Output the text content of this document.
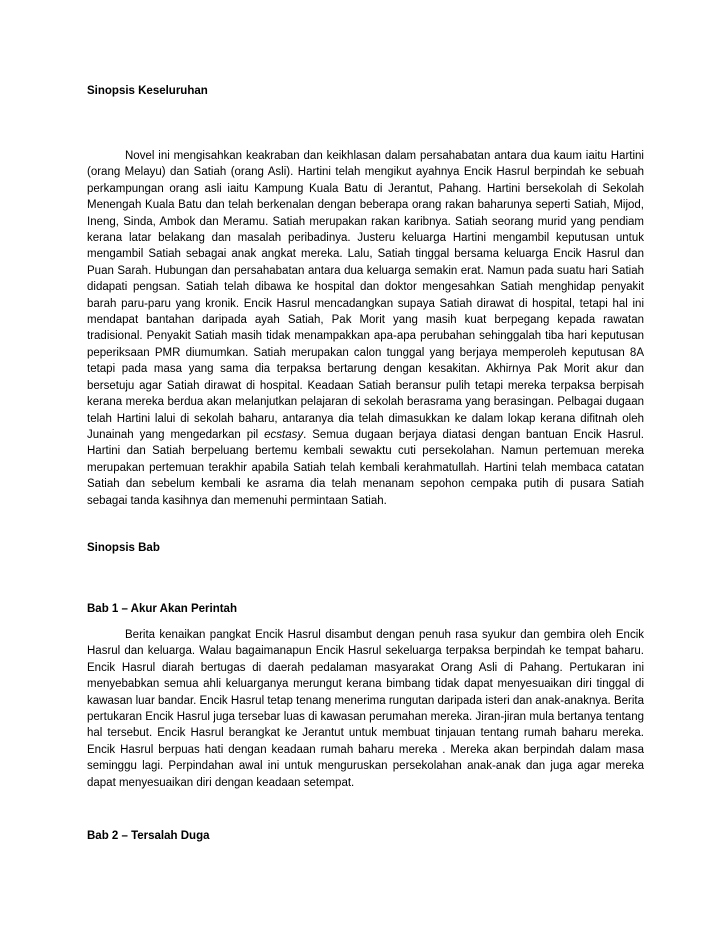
Sinopsis Keseluruhan

Novel ini mengisahkan keakraban dan keikhlasan dalam persahabatan antara dua kaum iaitu Hartini (orang Melayu) dan Satiah (orang Asli). Hartini telah mengikut ayahnya Encik Hasrul berpindah ke sebuah perkampungan orang asli iaitu Kampung Kuala Batu di Jerantut, Pahang. Hartini bersekolah di Sekolah Menengah Kuala Batu dan telah berkenalan dengan beberapa orang rakan baharunya seperti Satiah, Mijod, Ineng, Sinda, Ambok dan Meramu. Satiah merupakan rakan karibnya. Satiah seorang murid yang pendiam kerana latar belakang dan masalah peribadinya. Justeru keluarga Hartini mengambil keputusan untuk mengambil Satiah sebagai anak angkat mereka. Lalu, Satiah tinggal bersama keluarga Encik Hasrul dan Puan Sarah. Hubungan dan persahabatan antara dua keluarga semakin erat. Namun pada suatu hari Satiah didapati pengsan. Satiah telah dibawa ke hospital dan doktor mengesahkan Satiah menghidap penyakit barah paru-paru yang kronik. Encik Hasrul mencadangkan supaya Satiah dirawat di hospital, tetapi hal ini mendapat bantahan daripada ayah Satiah, Pak Morit yang masih kuat berpegang kepada rawatan tradisional. Penyakit Satiah masih tidak menampakkan apa-apa perubahan sehinggalah tiba hari keputusan peperiksaan PMR diumumkan. Satiah merupakan calon tunggal yang berjaya memperoleh keputusan 8A tetapi pada masa yang sama dia terpaksa bertarung dengan kesakitan. Akhirnya Pak Morit akur dan bersetuju agar Satiah dirawat di hospital. Keadaan Satiah beransur pulih tetapi mereka terpaksa berpisah kerana mereka berdua akan melanjutkan pelajaran di sekolah berasrama yang berasingan. Pelbagai dugaan telah Hartini lalui di sekolah baharu, antaranya dia telah dimasukkan ke dalam lokap kerana difitnah oleh Junainah yang mengedarkan pil ecstasy. Semua dugaan berjaya diatasi dengan bantuan Encik Hasrul. Hartini dan Satiah berpeluang bertemu kembali sewaktu cuti persekolahan. Namun pertemuan mereka merupakan pertemuan terakhir apabila Satiah telah kembali kerahmatullah. Hartini telah membaca catatan Satiah dan sebelum kembali ke asrama dia telah menanam sepohon cempaka putih di pusara Satiah sebagai tanda kasihnya dan memenuhi permintaan Satiah.

Sinopsis Bab
Bab 1 – Akur Akan Perintah

Berita kenaikan pangkat Encik Hasrul disambut dengan penuh rasa syukur dan gembira oleh Encik Hasrul dan keluarga. Walau bagaimanapun Encik Hasrul sekeluarga terpaksa berpindah ke tempat baharu. Encik Hasrul diarah bertugas di daerah pedalaman masyarakat Orang Asli di Pahang. Pertukaran ini menyebabkan semua ahli keluarganya merungut kerana bimbang tidak dapat menyesuaikan diri tinggal di kawasan luar bandar. Encik Hasrul tetap tenang menerima rungutan daripada isteri dan anak-anaknya. Berita pertukaran Encik Hasrul juga tersebar luas di kawasan perumahan mereka. Jiran-jiran mula bertanya tentang hal tersebut. Encik Hasrul berangkat ke Jerantut untuk membuat tinjauan tentang rumah baharu mereka. Encik Hasrul berpuas hati dengan keadaan rumah baharu mereka . Mereka akan berpindah dalam masa seminggu lagi. Perpindahan awal ini untuk menguruskan persekolahan anak-anak dan juga agar mereka dapat menyesuaikan diri dengan keadaan setempat.

Bab 2 – Tersalah Duga
